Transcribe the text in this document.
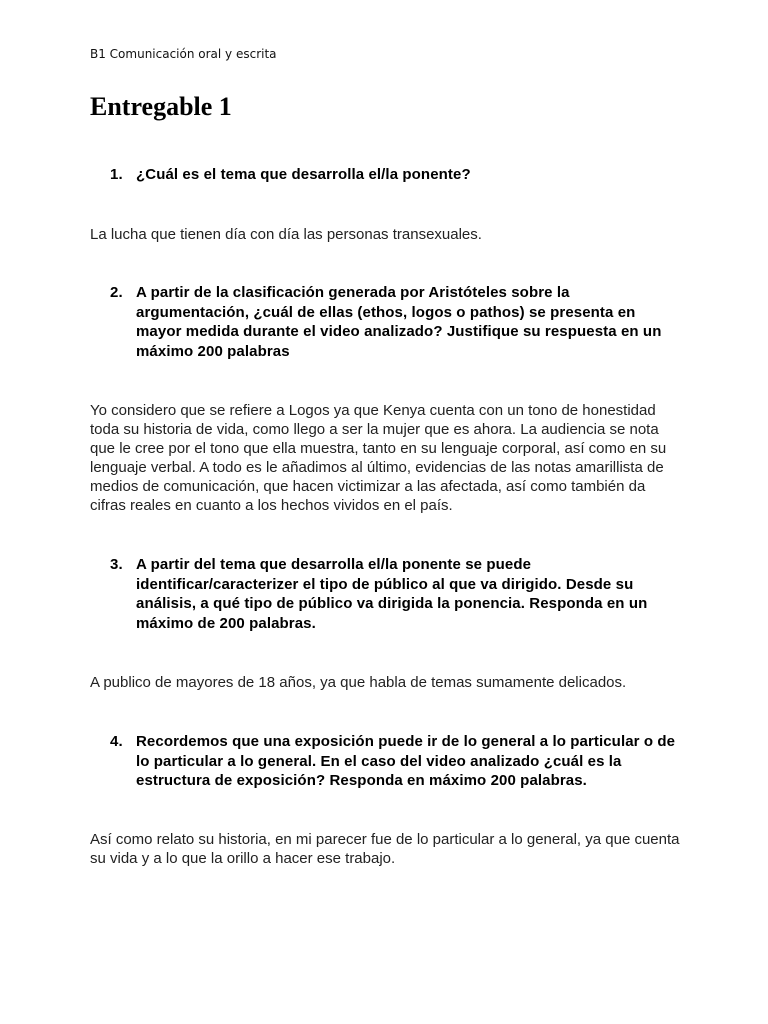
B1 Comunicación oral y escrita
Entregable 1
1. ¿Cuál es el tema que desarrolla el/la ponente?
La lucha que tienen día con día las personas transexuales.
2. A partir de la clasificación generada por Aristóteles sobre la argumentación, ¿cuál de ellas (ethos, logos o pathos) se presenta en mayor medida durante el video analizado? Justifique su respuesta en un máximo 200 palabras
Yo considero que se refiere a Logos ya que Kenya cuenta con un tono de honestidad toda su historia de vida, como llego a ser la mujer que es ahora. La audiencia se nota que le cree por el tono que ella muestra, tanto en su lenguaje corporal, así como en su lenguaje verbal. A todo es le añadimos al último, evidencias de las notas amarillista de medios de comunicación, que hacen victimizar a las afectada, así como también da cifras reales en cuanto a los hechos vividos en el país.
3. A partir del tema que desarrolla el/la ponente se puede identificar/caracterizer el tipo de público al que va dirigido. Desde su análisis, a qué tipo de público va dirigida la ponencia. Responda en un máximo de 200 palabras.
A publico de mayores de 18 años, ya que habla de temas sumamente delicados.
4. Recordemos que una exposición puede ir de lo general a lo particular o de lo particular a lo general. En el caso del video analizado ¿cuál es la estructura de exposición? Responda en máximo 200 palabras.
Así como relato su historia, en mi parecer fue de lo particular a lo general, ya que cuenta su vida y a lo que la orillo a hacer ese trabajo.
